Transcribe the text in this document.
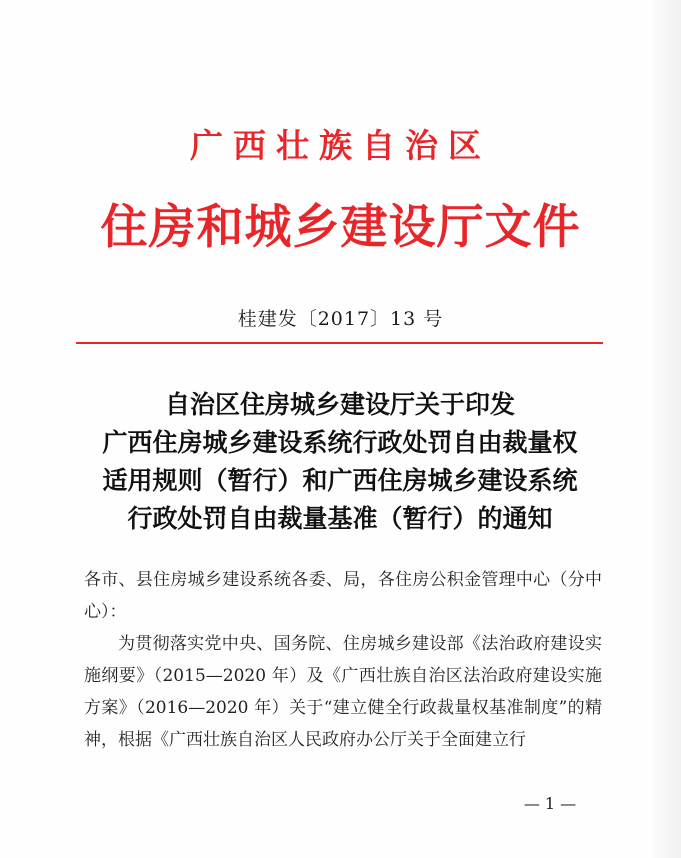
广西壮族自治区
住房和城乡建设厅文件
桂建发〔2017〕13 号
自治区住房城乡建设厅关于印发
广西住房城乡建设系统行政处罚自由裁量权
适用规则（暂行）和广西住房城乡建设系统
行政处罚自由裁量基准（暂行）的通知

各市、县住房城乡建设系统各委、局，各住房公积金管理中心（分中心）：

为贯彻落实党中央、国务院、住房城乡建设部《法治政府建设实施纲要》（2015—2020 年）及《广西壮族自治区法治政府建设实施方案》（2016—2020 年）关于“建立健全行政裁量权基准制度”的精神，根据《广西壮族自治区人民政府办公厅关于全面建立行

— 1 —
